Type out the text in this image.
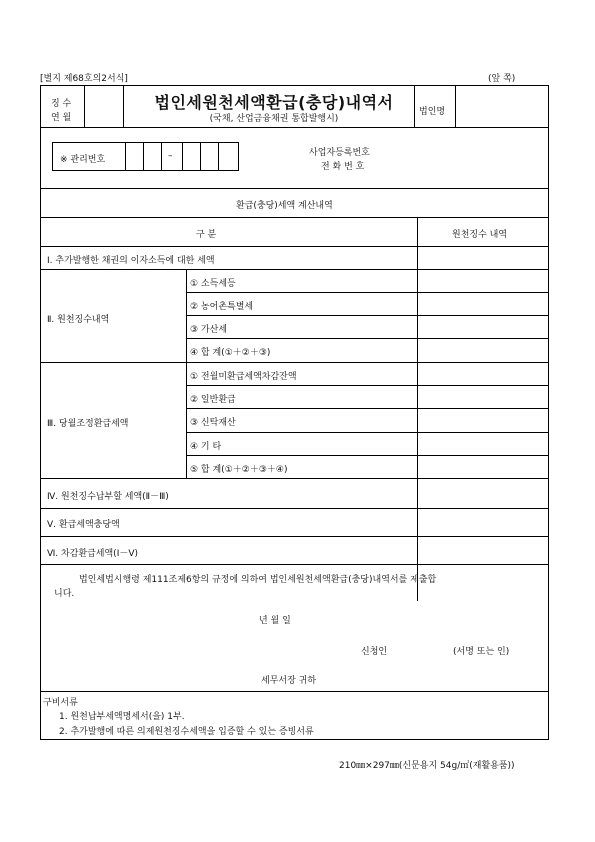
[별지 제68호의2서식]	(앞 쪽)
징 수
연 월
법인세원천세액환급(충당)내역서
(국채, 산업금융채권 통합발행시)
법인명
※ 관리번호	–	사업자등록번호
전 화 번 호
환급(충당)세액 계산내역
구 분	원천징수 내역
Ⅰ. 추가발행한 채권의 이자소득에 대한 세액
Ⅱ. 원천징수내역
① 소득세등
② 농어촌특별세
③ 가산세
④ 합 계(①＋②＋③)
Ⅲ. 당월조정환급세액
① 전월미환급세액차감잔액
② 일반환급
③ 신탁재산
④ 기 타
⑤ 합 계(①＋②＋③＋④)
Ⅳ. 원천징수납부할 세액(Ⅱ－Ⅲ)
Ⅴ. 환급세액충당액
Ⅵ. 차감환급세액(Ⅰ－Ⅴ)
법인세법시행령 제111조제6항의 규정에 의하여 법인세원천세액환급(충당)내역서를 제출합
니다.
년 월 일
신청인	(서명 또는 인)
세무서장 귀하
구비서류
1. 원천납부세액명세서(을) 1부.
2. 추가발행에 따른 의제원천징수세액을 입증할 수 있는 증빙서류
210㎜×297㎜(신문용지 54g/㎡(재활용품))
